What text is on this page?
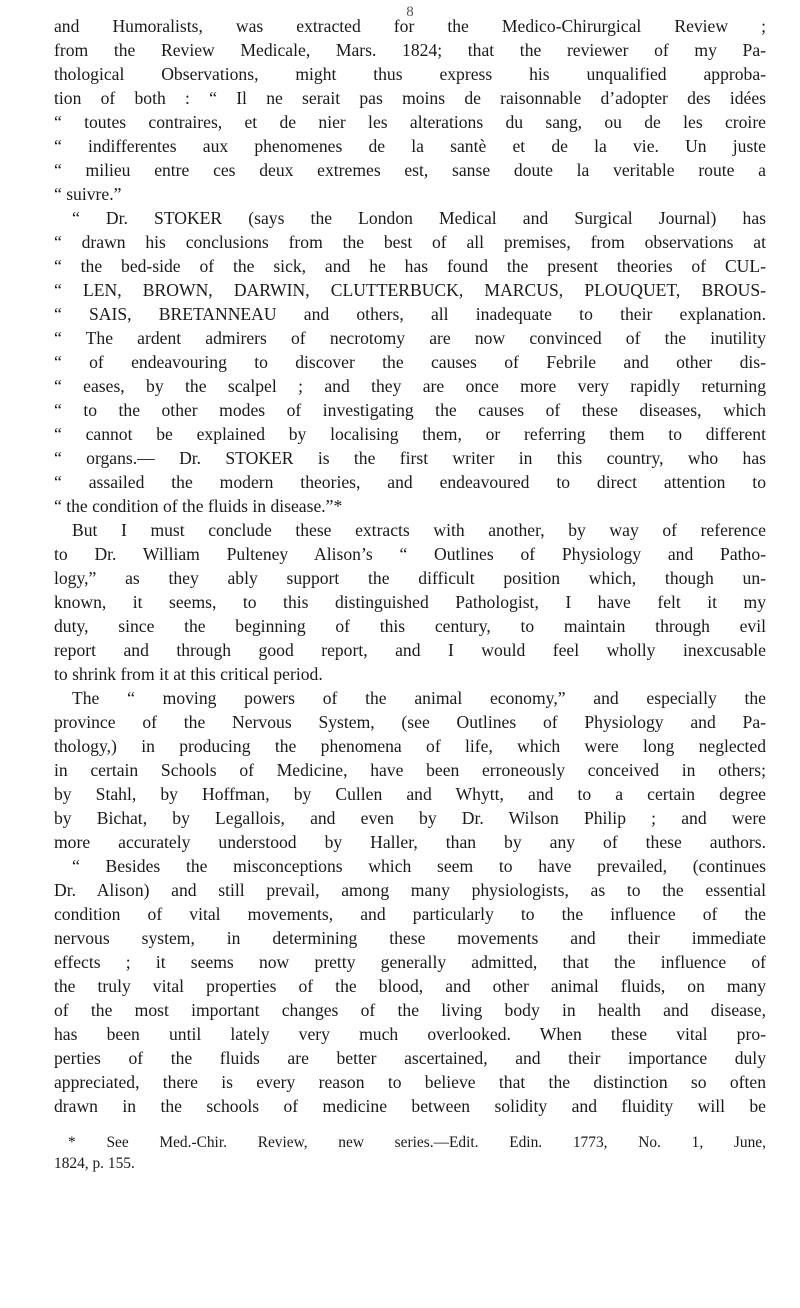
8
and Humoralists, was extracted for the Medico-Chirurgical Review ;
from the Review Medicale, Mars. 1824; that the reviewer of my Pa-
thological Observations, might thus express his unqualified approba-
tion of both : “ Il ne serait pas moins de raisonnable d’adopter des idées
“ toutes contraires, et de nier les alterations du sang, ou de les croire
“ indifferentes aux phenomenes de la santè et de la vie. Un juste
“ milieu entre ces deux extremes est, sanse doute la veritable route a
“ suivre.”
“ Dr. STOKER (says the London Medical and Surgical Journal) has
“ drawn his conclusions from the best of all premises, from observations at
“ the bed-side of the sick, and he has found the present theories of CUL-
“ LEN, BROWN, DARWIN, CLUTTERBUCK, MARCUS, PLOUQUET, BROUS-
“ SAIS, BRETANNEAU and others, all inadequate to their explanation.
“ The ardent admirers of necrotomy are now convinced of the inutility
“ of endeavouring to discover the causes of Febrile and other dis-
“ eases, by the scalpel ; and they are once more very rapidly returning
“ to the other modes of investigating the causes of these diseases, which
“ cannot be explained by localising them, or referring them to different
“ organs.— Dr. STOKER is the first writer in this country, who has
“ assailed the modern theories, and endeavoured to direct attention to
“ the condition of the fluids in disease.”*
But I must conclude these extracts with another, by way of reference
to Dr. William Pulteney Alison’s “ Outlines of Physiology and Patho-
logy,” as they ably support the difficult position which, though un-
known, it seems, to this distinguished Pathologist, I have felt it my
duty, since the beginning of this century, to maintain through evil
report and through good report, and I would feel wholly inexcusable
to shrink from it at this critical period.
The “ moving powers of the animal economy,” and especially the
province of the Nervous System, (see Outlines of Physiology and Pa-
thology,) in producing the phenomena of life, which were long neglected
in certain Schools of Medicine, have been erroneously conceived in others;
by Stahl, by Hoffman, by Cullen and Whytt, and to a certain degree
by Bichat, by Legallois, and even by Dr. Wilson Philip ; and were
more accurately understood by Haller, than by any of these authors.
“ Besides the misconceptions which seem to have prevailed, (continues
Dr. Alison) and still prevail, among many physiologists, as to the essential
condition of vital movements, and particularly to the influence of the
nervous system, in determining these movements and their immediate
effects ; it seems now pretty generally admitted, that the influence of
the truly vital properties of the blood, and other animal fluids, on many
of the most important changes of the living body in health and disease,
has been until lately very much overlooked. When these vital pro-
perties of the fluids are better ascertained, and their importance duly
appreciated, there is every reason to believe that the distinction so often
drawn in the schools of medicine between solidity and fluidity will be
* See Med.-Chir. Review, new series.—Edit. Edin. 1773, No. 1, June,
1824, p. 155.
